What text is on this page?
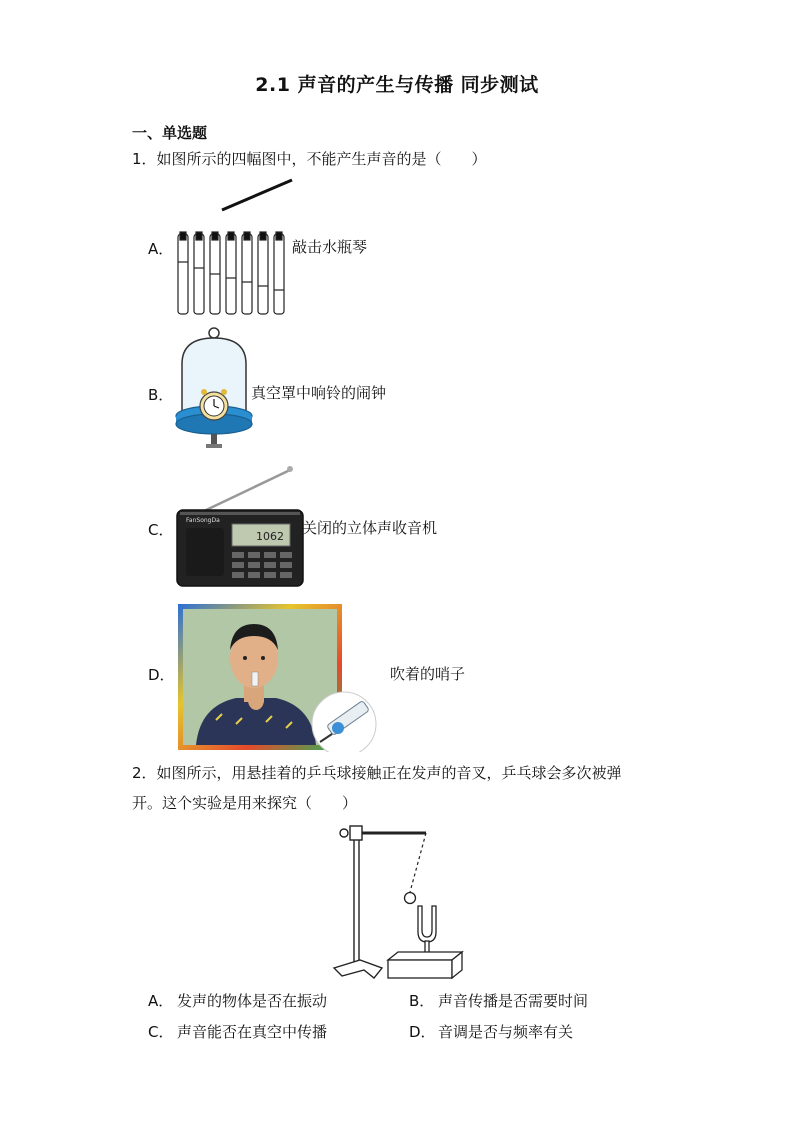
2.1 声音的产生与传播 同步测试
一、单选题
1．如图所示的四幅图中，不能产生声音的是（　　）
A．	敲击水瓶琴
B．	真空罩中响铃的闹钟
C．
FanSongDa
1062 关闭的立体声收音机
D．	吹着的哨子
2．如图所示，用悬挂着的乒乓球接触正在发声的音叉，乒乓球会多次被弹
开。这个实验是用来探究（　　）
A． 发声的物体是否在振动	B． 声音传播是否需要时间
C． 声音能否在真空中传播	D． 音调是否与频率有关
